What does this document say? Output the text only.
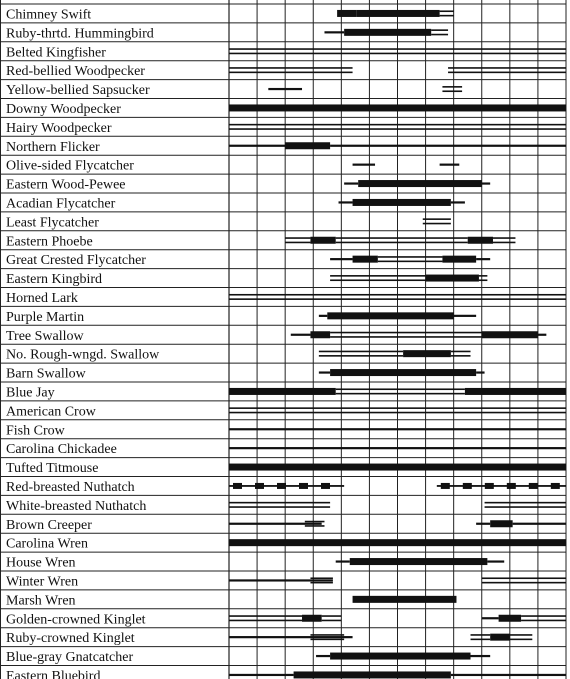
Chimney Swift
Ruby-thrtd. Hummingbird
Belted Kingfisher
Red-bellied Woodpecker
Yellow-bellied Sapsucker
Downy Woodpecker
Hairy Woodpecker
Northern Flicker
Olive-sided Flycatcher
Eastern Wood-Pewee
Acadian Flycatcher
Least Flycatcher
Eastern Phoebe
Great Crested Flycatcher
Eastern Kingbird
Horned Lark
Purple Martin
Tree Swallow
No. Rough-wngd. Swallow
Barn Swallow
Blue Jay
American Crow
Fish Crow
Carolina Chickadee
Tufted Titmouse
Red-breasted Nuthatch
White-breasted Nuthatch
Brown Creeper
Carolina Wren
House Wren
Winter Wren
Marsh Wren
Golden-crowned Kinglet
Ruby-crowned Kinglet
Blue-gray Gnatcatcher
Eastern Bluebird
